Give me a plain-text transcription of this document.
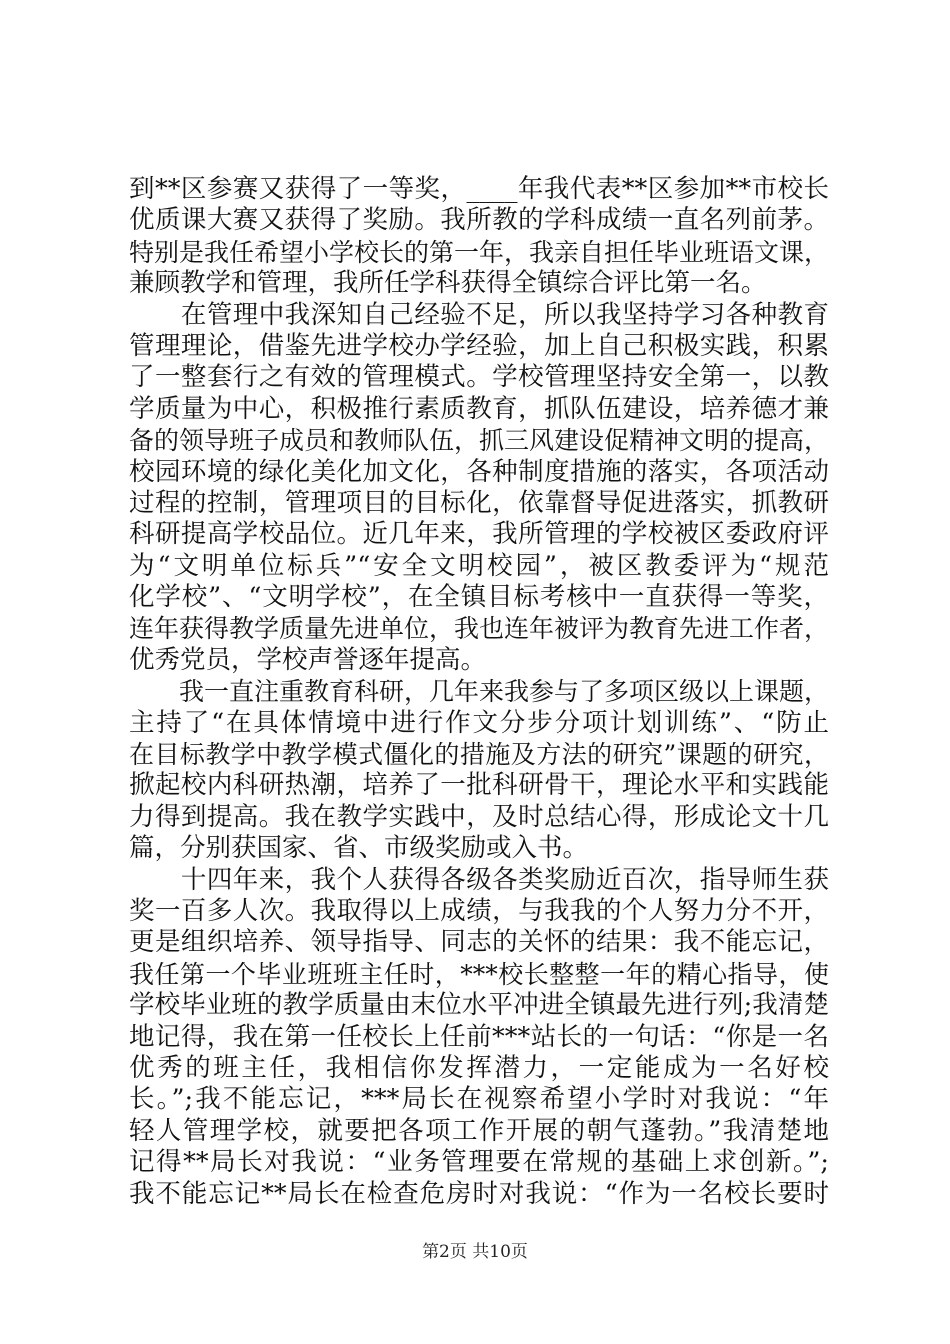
到**区参赛又获得了一等奖，____年我代表**区参加**市校长
优质课大赛又获得了奖励。我所教的学科成绩一直名列前茅。
特别是我任希望小学校长的第一年，我亲自担任毕业班语文课，
兼顾教学和管理，我所任学科获得全镇综合评比第一名。
　　在管理中我深知自己经验不足，所以我坚持学习各种教育
管理理论，借鉴先进学校办学经验，加上自己积极实践，积累
了一整套行之有效的管理模式。学校管理坚持安全第一，以教
学质量为中心，积极推行素质教育，抓队伍建设，培养德才兼
备的领导班子成员和教师队伍，抓三风建设促精神文明的提高，
校园环境的绿化美化加文化，各种制度措施的落实，各项活动
过程的控制，管理项目的目标化，依靠督导促进落实，抓教研
科研提高学校品位。近几年来，我所管理的学校被区委政府评
为“文明单位标兵”“安全文明校园”，被区教委评为“规范
化学校”、“文明学校”，在全镇目标考核中一直获得一等奖，
连年获得教学质量先进单位，我也连年被评为教育先进工作者，
优秀党员，学校声誉逐年提高。
　　我一直注重教育科研，几年来我参与了多项区级以上课题，
主持了“在具体情境中进行作文分步分项计划训练”、“防止
在目标教学中教学模式僵化的措施及方法的研究”课题的研究，
掀起校内科研热潮，培养了一批科研骨干，理论水平和实践能
力得到提高。我在教学实践中，及时总结心得，形成论文十几
篇，分别获国家、省、市级奖励或入书。
　　十四年来，我个人获得各级各类奖励近百次，指导师生获
奖一百多人次。我取得以上成绩，与我我的个人努力分不开，
更是组织培养、领导指导、同志的关怀的结果：我不能忘记，
我任第一个毕业班班主任时，***校长整整一年的精心指导，使
学校毕业班的教学质量由末位水平冲进全镇最先进行列;我清楚
地记得，我在第一任校长上任前***站长的一句话：“你是一名
优秀的班主任，我相信你发挥潜力，一定能成为一名好校
长。”;我不能忘记，***局长在视察希望小学时对我说：“年
轻人管理学校，就要把各项工作开展的朝气蓬勃。”我清楚地
记得**局长对我说：“业务管理要在常规的基础上求创新。”;
我不能忘记**局长在检查危房时对我说：“作为一名校长要时
第2页 共10页
